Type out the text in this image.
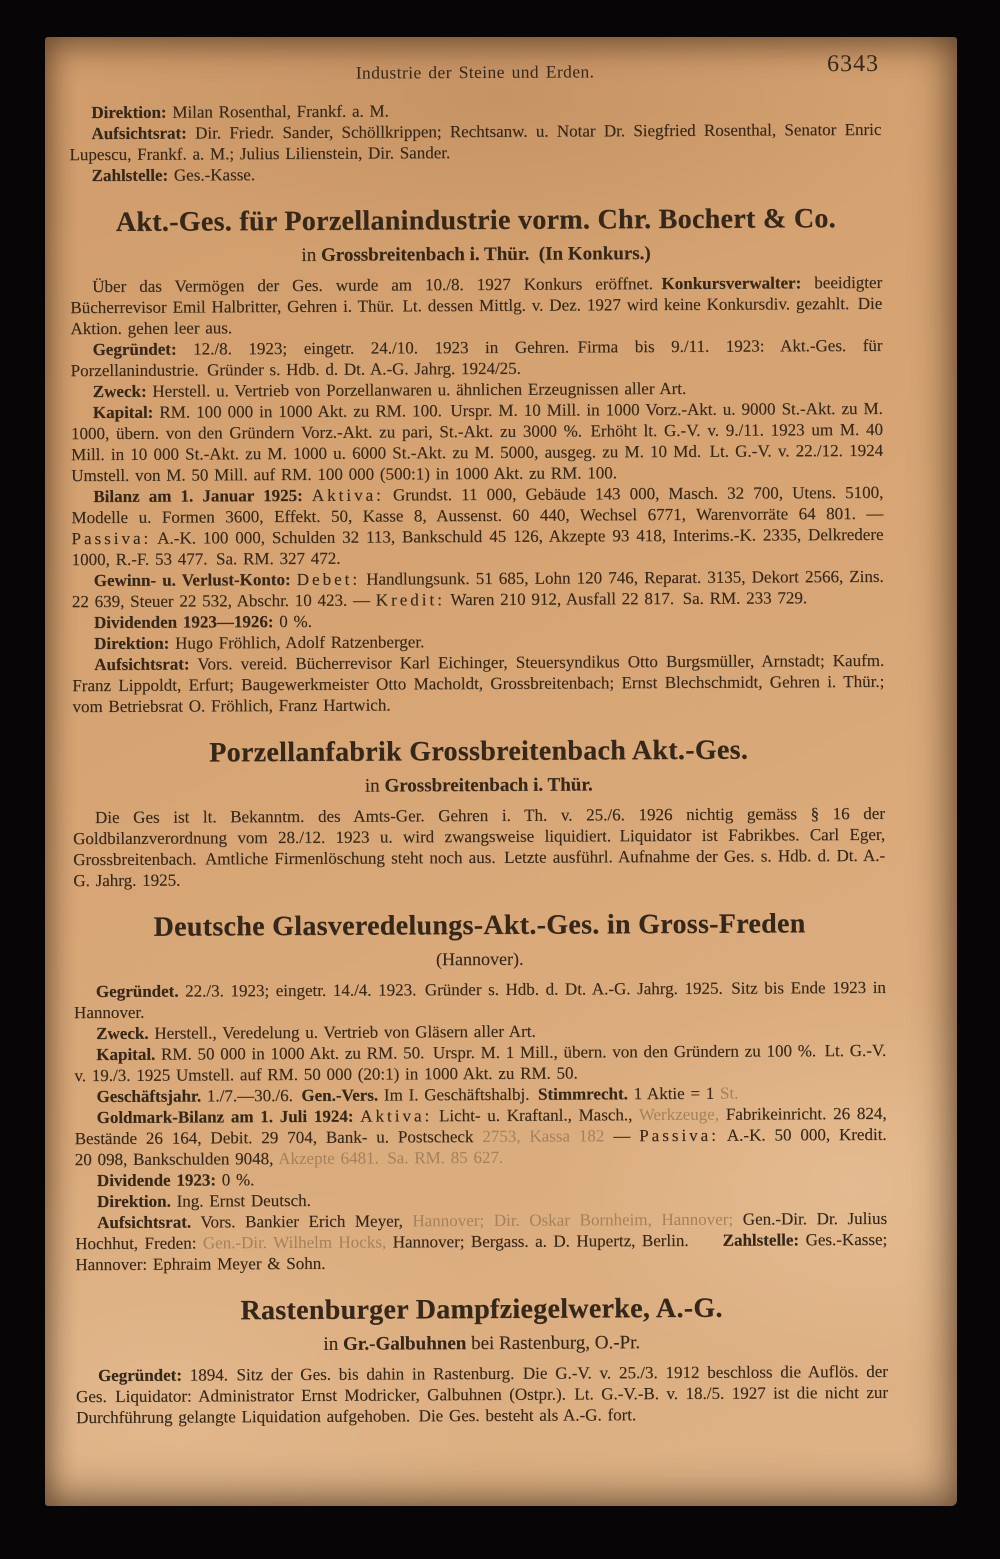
Industrie der Steine und Erden.	6343
Direktion: Milan Rosenthal, Frankf. a. M.
Aufsichtsrat: Dir. Friedr. Sander, Schöllkrippen; Rechtsanw. u. Notar Dr. Siegfried Rosenthal, Senator Enric Lupescu, Frankf. a. M.; Julius Lilienstein, Dir. Sander.
Zahlstelle: Ges.-Kasse.
Akt.-Ges. für Porzellanindustrie vorm. Chr. Bochert & Co.
in Grossbreitenbach i. Thür.  (In Konkurs.)
Über das Vermögen der Ges. wurde am 10./8. 1927 Konkurs eröffnet. Konkursverwalter: beeidigter Bücherrevisor Emil Halbritter, Gehren i. Thür. Lt. dessen Mittlg. v. Dez. 1927 wird keine Konkursdiv. gezahlt. Die Aktion. gehen leer aus.
Gegründet: 12./8. 1923; eingetr. 24./10. 1923 in Gehren. Firma bis 9./11. 1923: Akt.-Ges. für Porzellanindustrie. Gründer s. Hdb. d. Dt. A.-G. Jahrg. 1924/25.
Zweck: Herstell. u. Vertrieb von Porzellanwaren u. ähnlichen Erzeugnissen aller Art.
Kapital: RM. 100 000 in 1000 Akt. zu RM. 100. Urspr. M. 10 Mill. in 1000 Vorz.-Akt. u. 9000 St.-Akt. zu M. 1000, übern. von den Gründern Vorz.-Akt. zu pari, St.-Akt. zu 3000 %. Erhöht lt. G.-V. v. 9./11. 1923 um M. 40 Mill. in 10 000 St.-Akt. zu M. 1000 u. 6000 St.-Akt. zu M. 5000, ausgeg. zu M. 10 Md. Lt. G.-V. v. 22./12. 1924 Umstell. von M. 50 Mill. auf RM. 100 000 (500:1) in 1000 Akt. zu RM. 100.
Bilanz am 1. Januar 1925: Aktiva: Grundst. 11 000, Gebäude 143 000, Masch. 32 700, Utens. 5100, Modelle u. Formen 3600, Effekt. 50, Kasse 8, Aussenst. 60 440, Wechsel 6771, Warenvorräte 64 801. — Passiva: A.-K. 100 000, Schulden 32 113, Bankschuld 45 126, Akzepte 93 418, Interims.-K. 2335, Delkredere 1000, R.-F. 53 477. Sa. RM. 327 472.
Gewinn- u. Verlust-Konto: Debet: Handlungsunk. 51 685, Lohn 120 746, Reparat. 3135, Dekort 2566, Zins. 22 639, Steuer 22 532, Abschr. 10 423. — Kredit: Waren 210 912, Ausfall 22 817. Sa. RM. 233 729.
Dividenden 1923—1926: 0 %.
Direktion: Hugo Fröhlich, Adolf Ratzenberger.
Aufsichtsrat: Vors. vereid. Bücherrevisor Karl Eichinger, Steuersyndikus Otto Burgsmüller, Arnstadt; Kaufm. Franz Lippoldt, Erfurt; Baugewerkmeister Otto Macholdt, Grossbreitenbach; Ernst Blechschmidt, Gehren i. Thür.; vom Betriebsrat O. Fröhlich, Franz Hartwich.
Porzellanfabrik Grossbreitenbach Akt.-Ges.
in Grossbreitenbach i. Thür.
Die Ges ist lt. Bekanntm. des Amts-Ger. Gehren i. Th. v. 25./6. 1926 nichtig gemäss § 16 der Goldbilanzverordnung vom 28./12. 1923 u. wird zwangsweise liquidiert. Liquidator ist Fabrikbes. Carl Eger, Grossbreitenbach. Amtliche Firmenlöschung steht noch aus. Letzte ausführl. Aufnahme der Ges. s. Hdb. d. Dt. A.-G. Jahrg. 1925.
Deutsche Glasveredelungs-Akt.-Ges. in Gross-Freden
(Hannover).
Gegründet. 22./3. 1923; eingetr. 14./4. 1923. Gründer s. Hdb. d. Dt. A.-G. Jahrg. 1925. Sitz bis Ende 1923 in Hannover.
Zweck. Herstell., Veredelung u. Vertrieb von Gläsern aller Art.
Kapital. RM. 50 000 in 1000 Akt. zu RM. 50. Urspr. M. 1 Mill., übern. von den Gründern zu 100 %. Lt. G.-V. v. 19./3. 1925 Umstell. auf RM. 50 000 (20:1) in 1000 Akt. zu RM. 50.
Geschäftsjahr. 1./7.—30./6. Gen.-Vers. Im I. Geschäftshalbj. Stimmrecht. 1 Aktie = 1 St.
Goldmark-Bilanz am 1. Juli 1924: Aktiva: Licht- u. Kraftanl., Masch., Werkzeuge, Fabrikeinricht. 26 824, Bestände 26 164, Debit. 29 704, Bank- u. Postscheck 2753, Kassa 182 — Passiva: A.-K. 50 000, Kredit. 20 098, Bankschulden 9048, Akzepte 6481. Sa. RM. 85 627.
Dividende 1923: 0 %.
Direktion. Ing. Ernst Deutsch.
Aufsichtsrat. Vors. Bankier Erich Meyer, Hannover; Dir. Oskar Bornheim, Hannover; Gen.-Dir. Dr. Julius Hochhut, Freden: Gen.-Dir. Wilhelm Hocks, Hannover; Bergass. a. D. Hupertz, Berlin.  Zahlstelle: Ges.-Kasse; Hannover: Ephraim Meyer & Sohn.
Rastenburger Dampfziegelwerke, A.-G.
in Gr.-Galbuhnen bei Rastenburg, O.-Pr.
Gegründet: 1894. Sitz der Ges. bis dahin in Rastenburg. Die G.-V. v. 25./3. 1912 beschloss die Auflös. der Ges. Liquidator: Administrator Ernst Modricker, Galbuhnen (Ostpr.). Lt. G.-V.-B. v. 18./5. 1927 ist die nicht zur Durchführung gelangte Liquidation aufgehoben. Die Ges. besteht als A.-G. fort.
